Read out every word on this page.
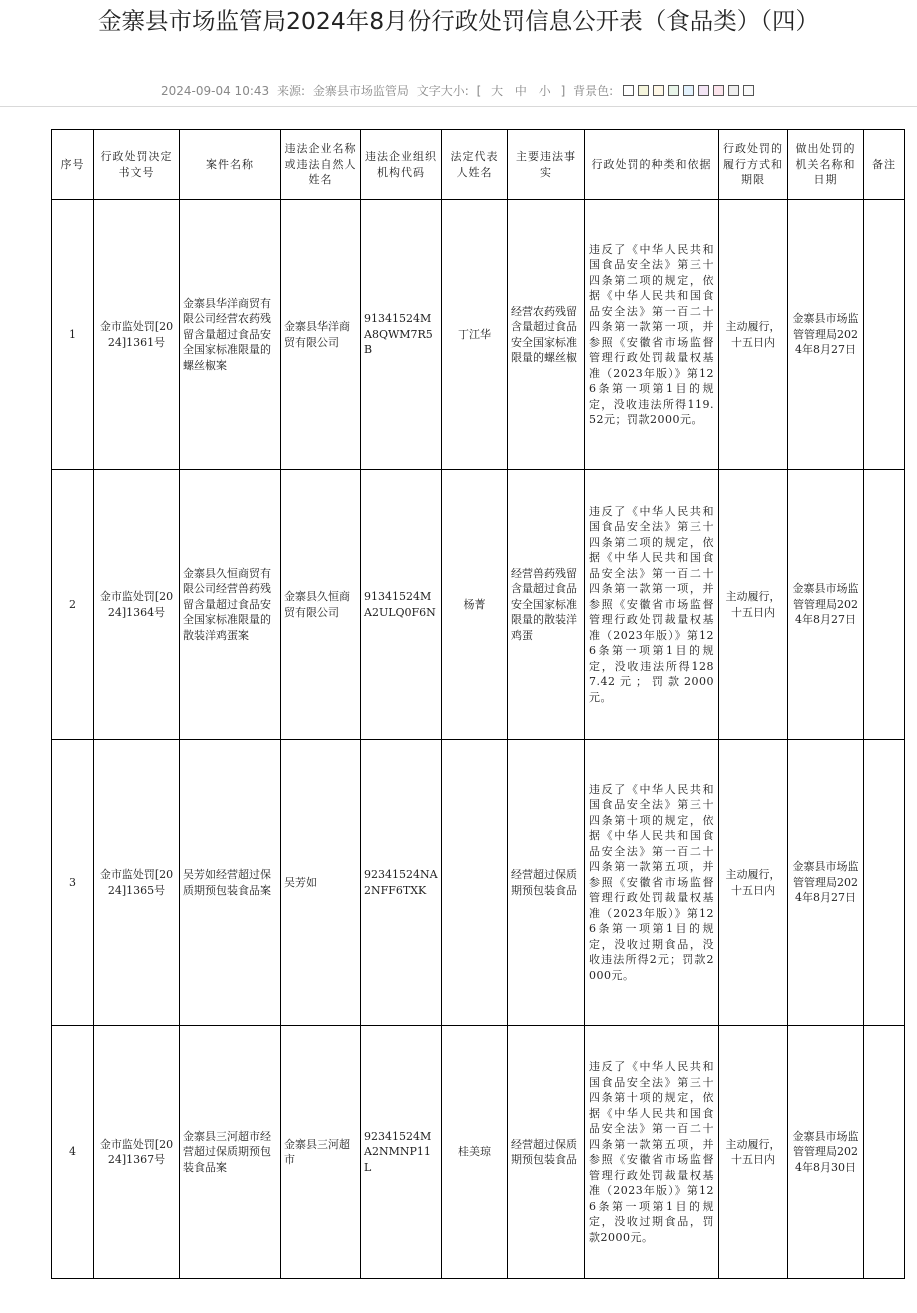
金寨县市场监管局2024年8月份行政处罚信息公开表（食品类）（四）
2024-09-04 10:43 来源: 金寨县市场监管局 文字大小: [ 大 中 小 ] 背景色:
序号	行政处罚决定书文号	案件名称	违法企业名称或违法自然人姓名	违法企业组织机构代码	法定代表人姓名	主要违法事实	行政处罚的种类和依据	行政处罚的履行方式和期限	做出处罚的机关名称和日期	备注
1	金市监处罚[2024]1361号	金寨县华洋商贸有限公司经营农药残留含量超过食品安全国家标准限量的螺丝椒案	金寨县华洋商贸有限公司	91341524MA8QWM7R5B	丁江华	经营农药残留含量超过食品安全国家标准限量的螺丝椒	违反了《中华人民共和国食品安全法》第三十四条第二项的规定，依据《中华人民共和国食品安全法》第一百二十四条第一款第一项，并参照《安徽省市场监督管理行政处罚裁量权基准（2023年版）》第126条第一项第1目的规定，没收违法所得119.52元；罚款2000元。	主动履行，十五日内	金寨县市场监管管理局2024年8月27日	
2	金市监处罚[2024]1364号	金寨县久恒商贸有限公司经营兽药残留含量超过食品安全国家标准限量的散装洋鸡蛋案	金寨县久恒商贸有限公司	91341524MA2ULQ0F6N	杨菁	经营兽药残留含量超过食品安全国家标准限量的散装洋鸡蛋	违反了《中华人民共和国食品安全法》第三十四条第二项的规定，依据《中华人民共和国食品安全法》第一百二十四条第一款第一项，并参照《安徽省市场监督管理行政处罚裁量权基准（2023年版）》第126条第一项第1目的规定，没收违法所得1287.42元；罚款2000元。	主动履行，十五日内	金寨县市场监管管理局2024年8月27日	
3	金市监处罚[2024]1365号	吴芳如经营超过保质期预包装食品案	吴芳如	92341524NA2NFF6TXK		经营超过保质期预包装食品	违反了《中华人民共和国食品安全法》第三十四条第十项的规定，依据《中华人民共和国食品安全法》第一百二十四条第一款第五项，并参照《安徽省市场监督管理行政处罚裁量权基准（2023年版）》第126条第一项第1目的规定，没收过期食品，没收违法所得2元；罚款2000元。	主动履行，十五日内	金寨县市场监管管理局2024年8月27日	
4	金市监处罚[2024]1367号	金寨县三河超市经营超过保质期预包装食品案	金寨县三河超市	92341524MA2NMNP11L	桂美琼	经营超过保质期预包装食品	违反了《中华人民共和国食品安全法》第三十四条第十项的规定，依据《中华人民共和国食品安全法》第一百二十四条第一款第五项，并参照《安徽省市场监督管理行政处罚裁量权基准（2023年版）》第126条第一项第1目的规定，没收过期食品，罚款2000元。	主动履行，十五日内	金寨县市场监管管理局2024年8月30日	
